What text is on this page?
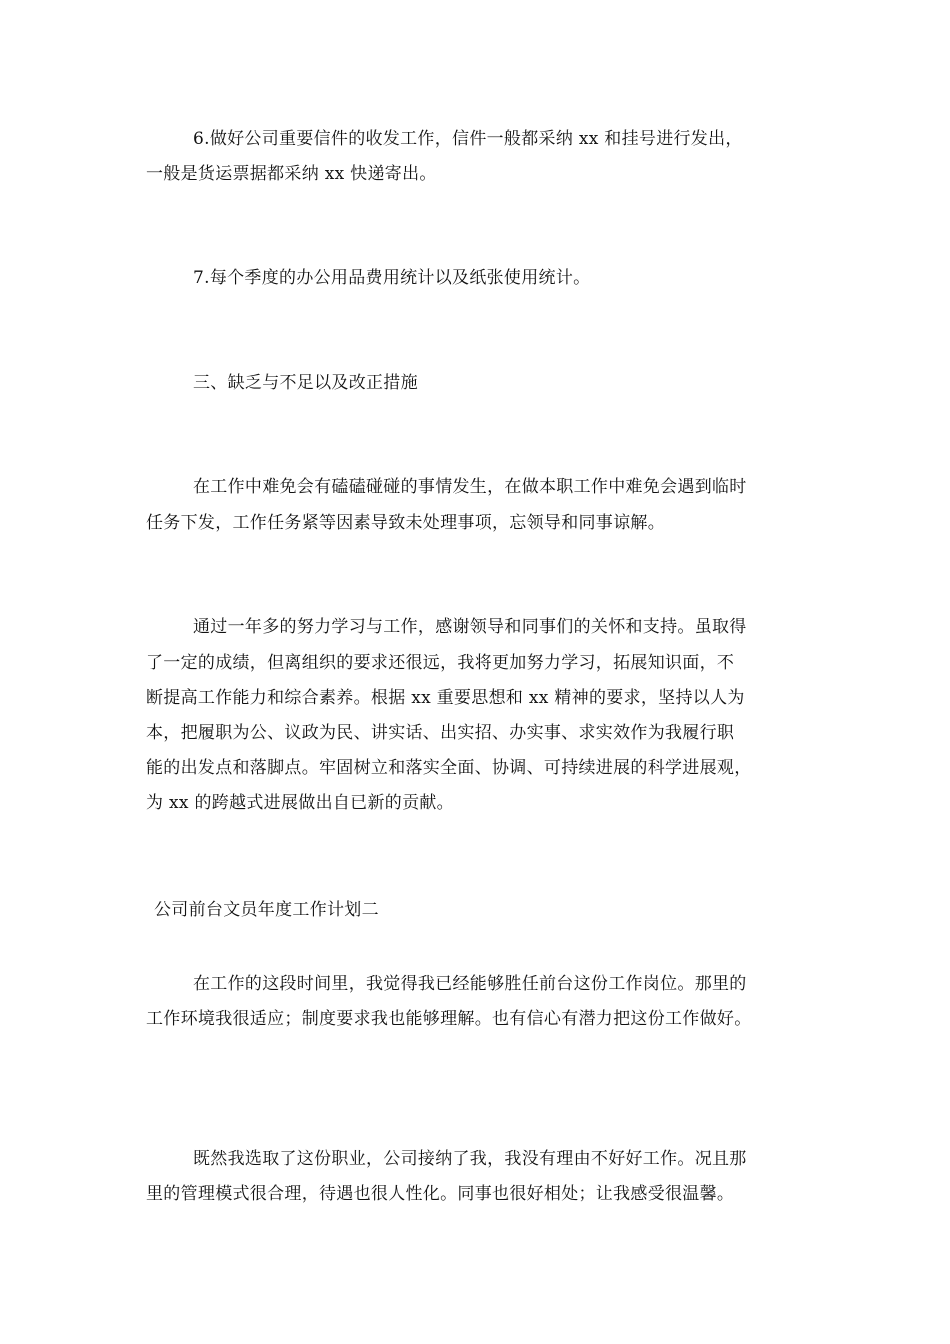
6.做好公司重要信件的收发工作，信件一般都采纳 xx 和挂号进行发出，
一般是货运票据都采纳 xx 快递寄出。
7.每个季度的办公用品费用统计以及纸张使用统计。
三、缺乏与不足以及改正措施
在工作中难免会有磕磕碰碰的事情发生，在做本职工作中难免会遇到临时
任务下发，工作任务紧等因素导致未处理事项，忘领导和同事谅解。
通过一年多的努力学习与工作，感谢领导和同事们的关怀和支持。虽取得
了一定的成绩，但离组织的要求还很远，我将更加努力学习，拓展知识面，不
断提高工作能力和综合素养。根据 xx 重要思想和 xx 精神的要求，坚持以人为
本，把履职为公、议政为民、讲实话、出实招、办实事、求实效作为我履行职
能的出发点和落脚点。牢固树立和落实全面、协调、可持续进展的科学进展观，
为 xx 的跨越式进展做出自已新的贡献。
公司前台文员年度工作计划二
在工作的这段时间里，我觉得我已经能够胜任前台这份工作岗位。那里的
工作环境我很适应；制度要求我也能够理解。也有信心有潜力把这份工作做好。
既然我选取了这份职业，公司接纳了我，我没有理由不好好工作。况且那
里的管理模式很合理，待遇也很人性化。同事也很好相处；让我感受很温馨。
